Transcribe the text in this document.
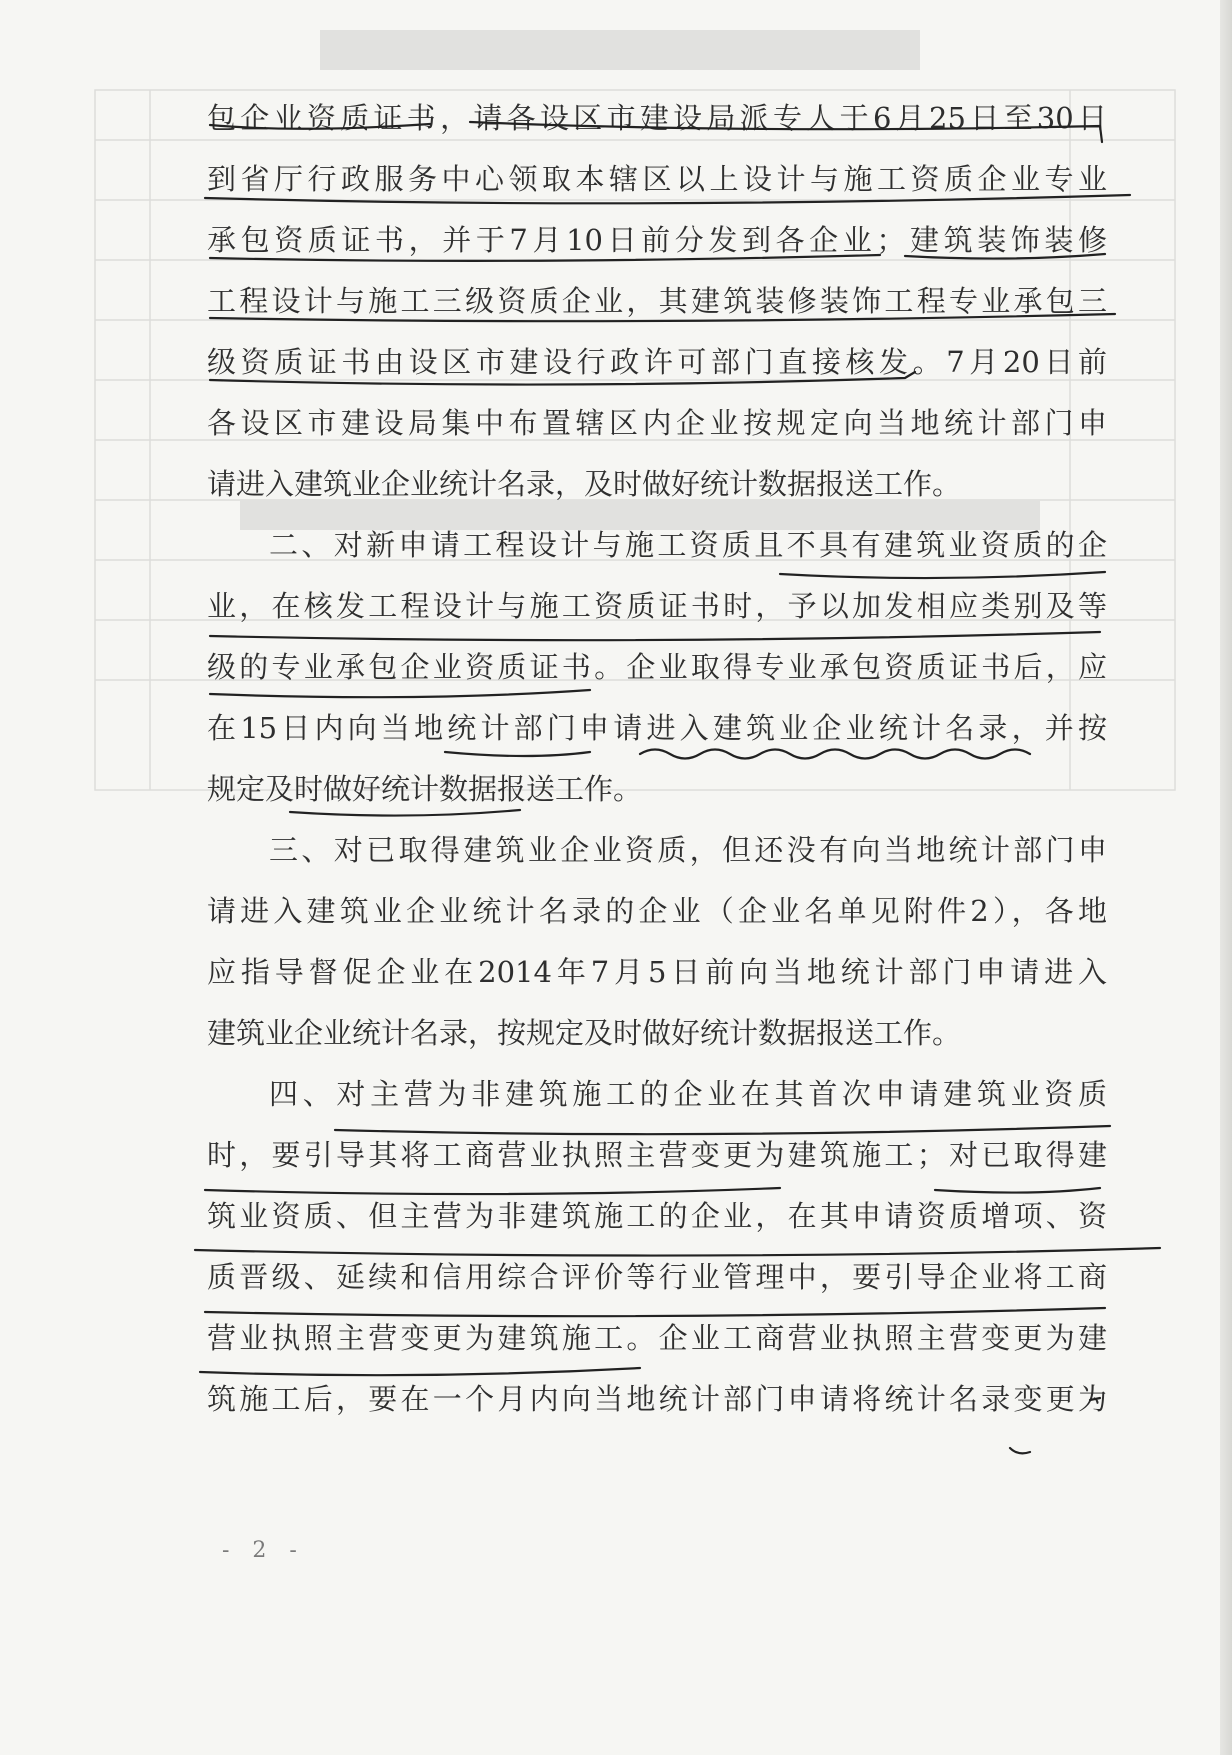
包企业资质证书，请各设区市建设局派专人于6月25日至30日
到省厅行政服务中心领取本辖区以上设计与施工资质企业专业
承包资质证书，并于7月10日前分发到各企业；建筑装饰装修
工程设计与施工三级资质企业，其建筑装修装饰工程专业承包三
级资质证书由设区市建设行政许可部门直接核发。7月20日前
各设区市建设局集中布置辖区内企业按规定向当地统计部门申
请进入建筑业企业统计名录，及时做好统计数据报送工作。
二、对新申请工程设计与施工资质且不具有建筑业资质的企
业，在核发工程设计与施工资质证书时，予以加发相应类别及等
级的专业承包企业资质证书。企业取得专业承包资质证书后，应
在15日内向当地统计部门申请进入建筑业企业统计名录，并按
规定及时做好统计数据报送工作。
三、对已取得建筑业企业资质，但还没有向当地统计部门申
请进入建筑业企业统计名录的企业（企业名单见附件2），各地
应指导督促企业在2014年7月5日前向当地统计部门申请进入
建筑业企业统计名录，按规定及时做好统计数据报送工作。
四、对主营为非建筑施工的企业在其首次申请建筑业资质
时，要引导其将工商营业执照主营变更为建筑施工；对已取得建
筑业资质、但主营为非建筑施工的企业，在其申请资质增项、资
质晋级、延续和信用综合评价等行业管理中，要引导企业将工商
营业执照主营变更为建筑施工。企业工商营业执照主营变更为建
筑施工后，要在一个月内向当地统计部门申请将统计名录变更为
- 2 -
